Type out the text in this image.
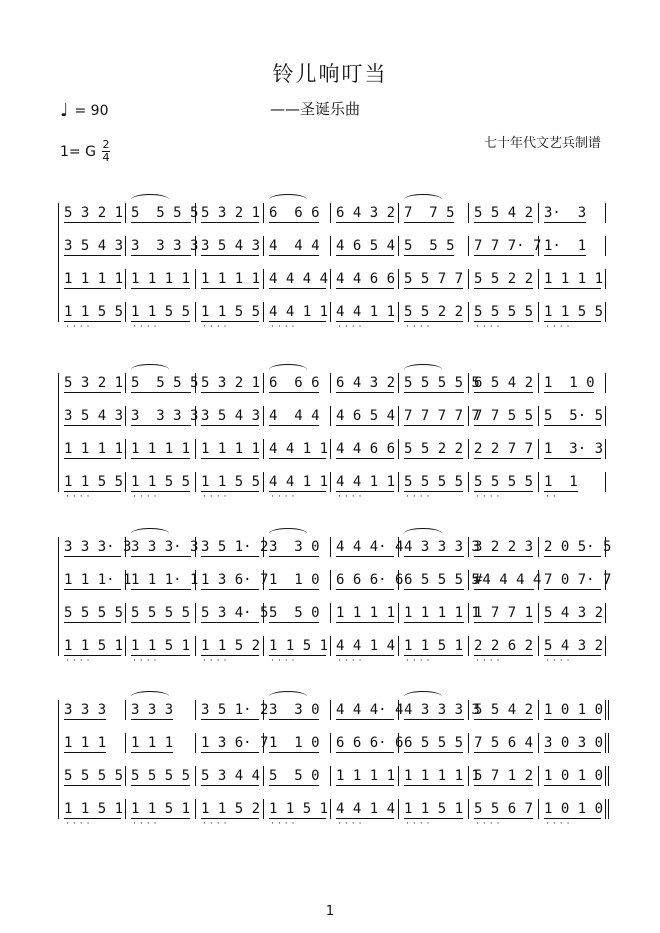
铃儿响叮当
——圣诞乐曲
♩ = 90
1= G $\frac{2}{4}$	七十年代文艺兵制谱
5 3 2 1 5  5 5 5 5 3 2 1 6  6 6 6 4 3 2 7  7 5 5 5 4 2 3·  3
3 5 4 3 3  3 3 3 3 5 4 3 4  4 4 4 6 5 4 5  5 5 7 7 7· 7 1·  1
1 1 1 1 1 1 1 1 1 1 1 1 4 4 4 4 4 4 6 6 5 5 7 7 5 5 2 2 1 1 1 1
1 1 5 5
····
1 1 5 5
····
1 1 5 5
····
4 4 1 1
····
4 4 1 1
····
5 5 2 2
····
5 5 5 5
····
1 1 5 5
····
5 3 2 1 5  5 5 5 5 3 2 1 6  6 6 6 4 3 2 5 5 5 5 5
6 5 4 2 1  1 0
3 5 4 3 3  3 3 3 3 5 4 3 4  4 4 4 6 5 4 7 7 7 7 7
7 7 5 5 5  5· 5
1 1 1 1 1 1 1 1 1 1 1 1 4 4 1 1 4 4 6 6 5 5 2 2 2 2 7 7 1  3· 3
1 1 5 5
····
1 1 5 5
····
1 1 5 5
····
4 4 1 1
····
4 4 1 1
····
5 5 5 5
····
5 5 5 5
····
1  1
··
3 3 3· 3 3 3 3· 3 3 5 1· 2 3  3 0 4 4 4· 4 4 3 3 3 3
3 2 2 3 2 0 5· 5
1 1 1· 1 1 1 1· 1 1 3 6· 7 1  1 0 6 6 6· 6 6 5 5 5 5
#4 4 4 4 7 0 7· 7
5 5 5 5 5 5 5 5 5 3 4· 5 5  5 0 1 1 1 1 1 1 1 1 1
1 7 7 1 5 4 3 2
1 1 5 1
····
1 1 5 1
····
1 1 5 2
····
1 1 5 1
····
4 4 1 4
····
1 1 5 1
····
2 2 6 2
····
5 4 3 2
····
3 3 3 3 3 3 3 5 1· 2 3  3 0 4 4 4· 4 4 3 3 3 3
5 5 4 2 1 0 1 0
1 1 1 1 1 1 1 3 6· 7 1  1 0 6 6 6· 6 6 5 5 5 7 5 6 4 3 0 3 0
5 5 5 5 5 5 5 5 5 3 4 4 5  5 0 1 1 1 1 1 1 1 1 1
5 7 1 2 1 0 1 0
1 1 5 1
····
1 1 5 1
····
1 1 5 2
····
1 1 5 1
····
4 4 1 4
····
1 1 5 1
····
5 5 6 7
····
1 0 1 0
····
1
